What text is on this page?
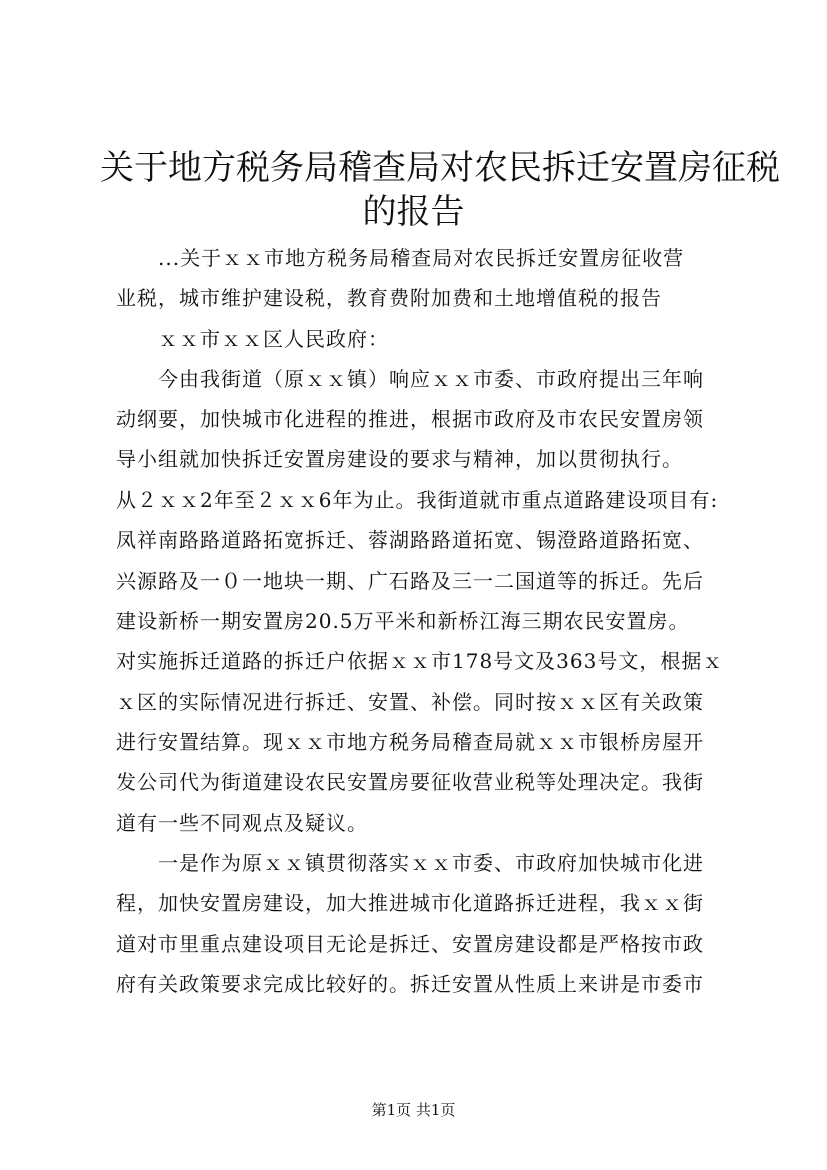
关于地方税务局稽查局对农民拆迁安置房征税
的报告
　　...关于ｘｘ市地方税务局稽查局对农民拆迁安置房征收营
业税，城市维护建设税，教育费附加费和土地增值税的报告
　　ｘｘ市ｘｘ区人民政府：
　　今由我街道（原ｘｘ镇）响应ｘｘ市委、市政府提出三年响
动纲要，加快城市化进程的推进，根据市政府及市农民安置房领
导小组就加快拆迁安置房建设的要求与精神，加以贯彻执行。
从２ｘｘ2年至２ｘｘ6年为止。我街道就市重点道路建设项目有:
凤祥南路路道路拓宽拆迁、蓉湖路路道拓宽、锡澄路道路拓宽、
兴源路及一０一地块一期、广石路及三一二国道等的拆迁。先后
建设新桥一期安置房20.5万平米和新桥江海三期农民安置房。
对实施拆迁道路的拆迁户依据ｘｘ市178号文及363号文，根据ｘ
ｘ区的实际情况进行拆迁、安置、补偿。同时按ｘｘ区有关政策
进行安置结算。现ｘｘ市地方税务局稽查局就ｘｘ市银桥房屋开
发公司代为街道建设农民安置房要征收营业税等处理决定。我街
道有一些不同观点及疑议。
　　一是作为原ｘｘ镇贯彻落实ｘｘ市委、市政府加快城市化进
程，加快安置房建设，加大推进城市化道路拆迁进程，我ｘｘ街
道对市里重点建设项目无论是拆迁、安置房建设都是严格按市政
府有关政策要求完成比较好的。拆迁安置从性质上来讲是市委市
第1页 共1页
